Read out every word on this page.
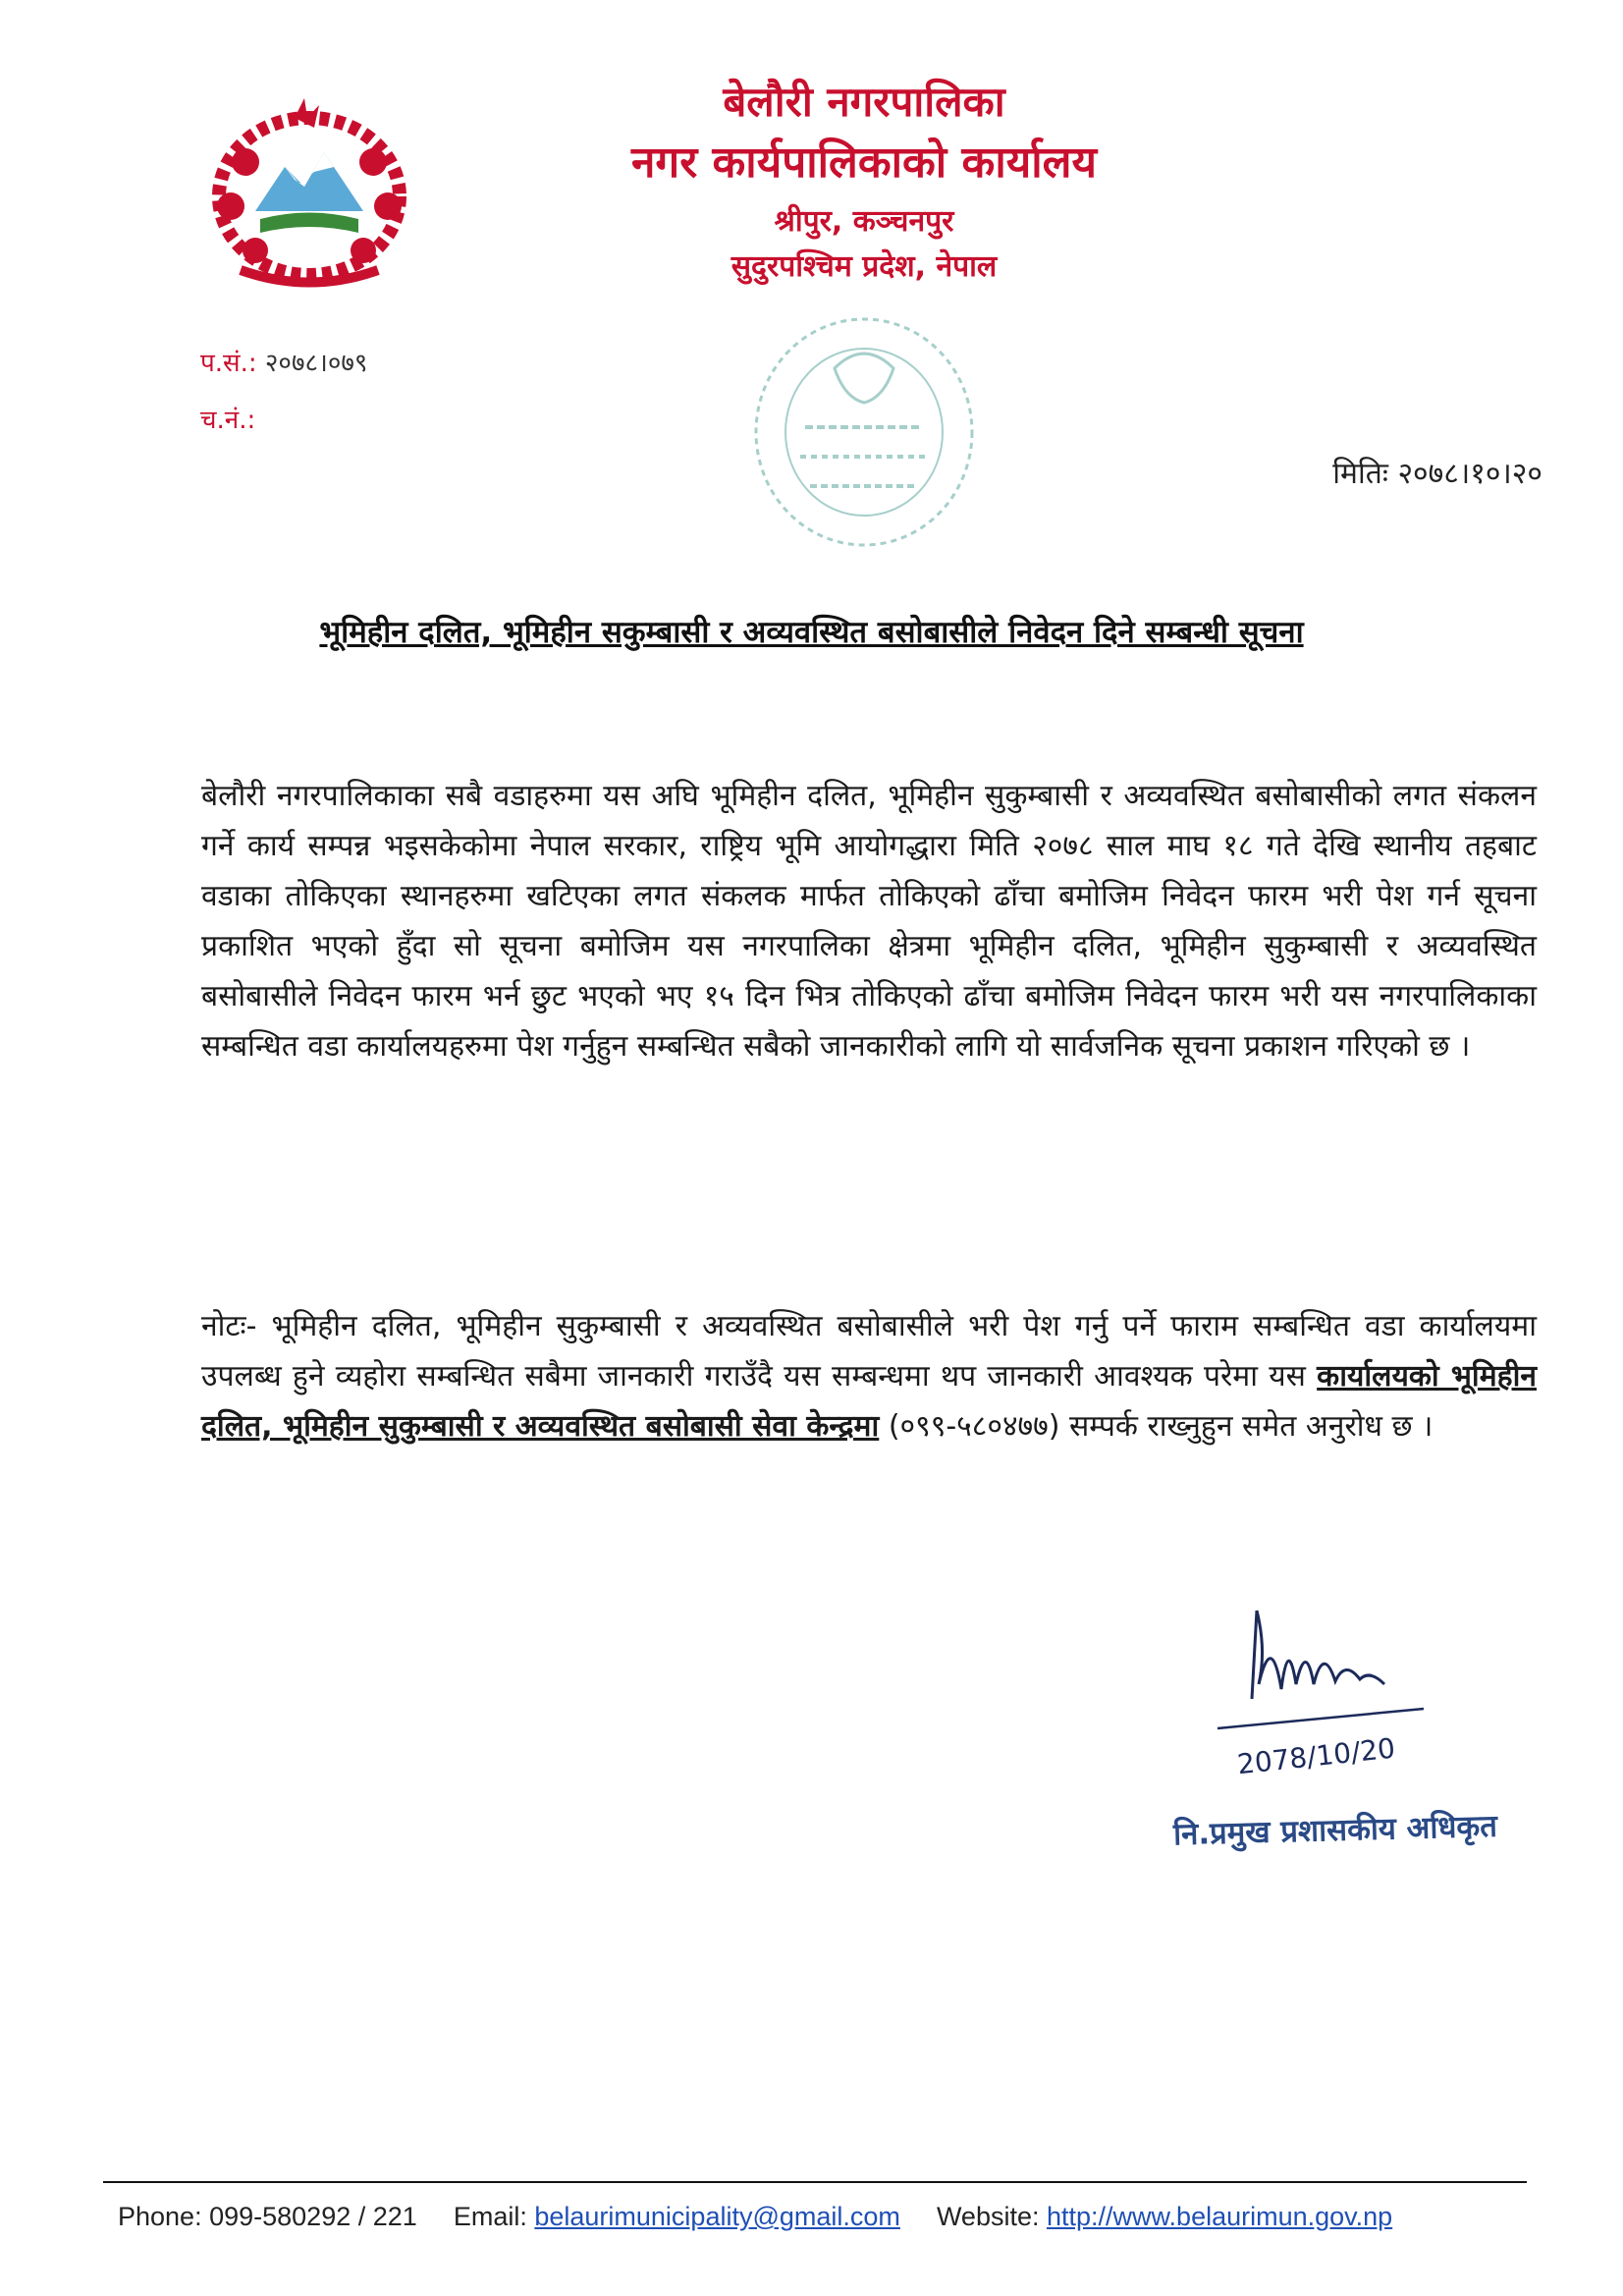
बेलौरी नगरपालिका

नगर कार्यपालिकाको कार्यालय

श्रीपुर, कञ्चनपुर

सुदुरपश्चिम प्रदेश, नेपाल

प.सं.: २०७८।०७९
च.नं.:
मितिः २०७८।१०।२०
भूमिहीन दलित, भूमिहीन सकुम्बासी र अव्यवस्थित बसोबासीले निवेदन दिने सम्बन्धी सूचना
बेलौरी नगरपालिकाका सबै वडाहरुमा यस अघि भूमिहीन दलित, भूमिहीन सुकुम्बासी र अव्यवस्थित बसोबासीको लगत संकलन गर्ने कार्य सम्पन्न भइसकेकोमा नेपाल सरकार, राष्ट्रिय भूमि आयोगद्धारा मिति २०७८ साल माघ १८ गते देखि स्थानीय तहबाट वडाका तोकिएका स्थानहरुमा खटिएका लगत संकलक मार्फत तोकिएको ढाँचा बमोजिम निवेदन फारम भरी पेश गर्न सूचना प्रकाशित भएको हुँदा सो सूचना बमोजिम यस नगरपालिका क्षेत्रमा भूमिहीन दलित, भूमिहीन सुकुम्बासी र अव्यवस्थित बसोबासीले निवेदन फारम भर्न छुट भएको भए १५ दिन भित्र तोकिएको ढाँचा बमोजिम निवेदन फारम भरी यस नगरपालिकाका सम्बन्धित वडा कार्यालयहरुमा पेश गर्नुहुन सम्बन्धित सबैको जानकारीको लागि यो सार्वजनिक सूचना प्रकाशन गरिएको छ ।
नोटः- भूमिहीन दलित, भूमिहीन सुकुम्बासी र अव्यवस्थित बसोबासीले भरी पेश गर्नु पर्ने फाराम सम्बन्धित वडा कार्यालयमा उपलब्ध हुने व्यहोरा सम्बन्धित सबैमा जानकारी गराउँदै यस सम्बन्धमा थप जानकारी आवश्यक परेमा यस कार्यालयको भूमिहीन दलित, भूमिहीन सुकुम्बासी र अव्यवस्थित बसोबासी सेवा केन्द्रमा (०९९-५८०४७७) सम्पर्क राख्नुहुन समेत अनुरोध छ ।
2078/10/20
नि.प्रमुख प्रशासकीय अधिकृत
Phone: 099-580292 / 221 Email: belaurimunicipality@gmail.com Website: http://www.belaurimun.gov.np
